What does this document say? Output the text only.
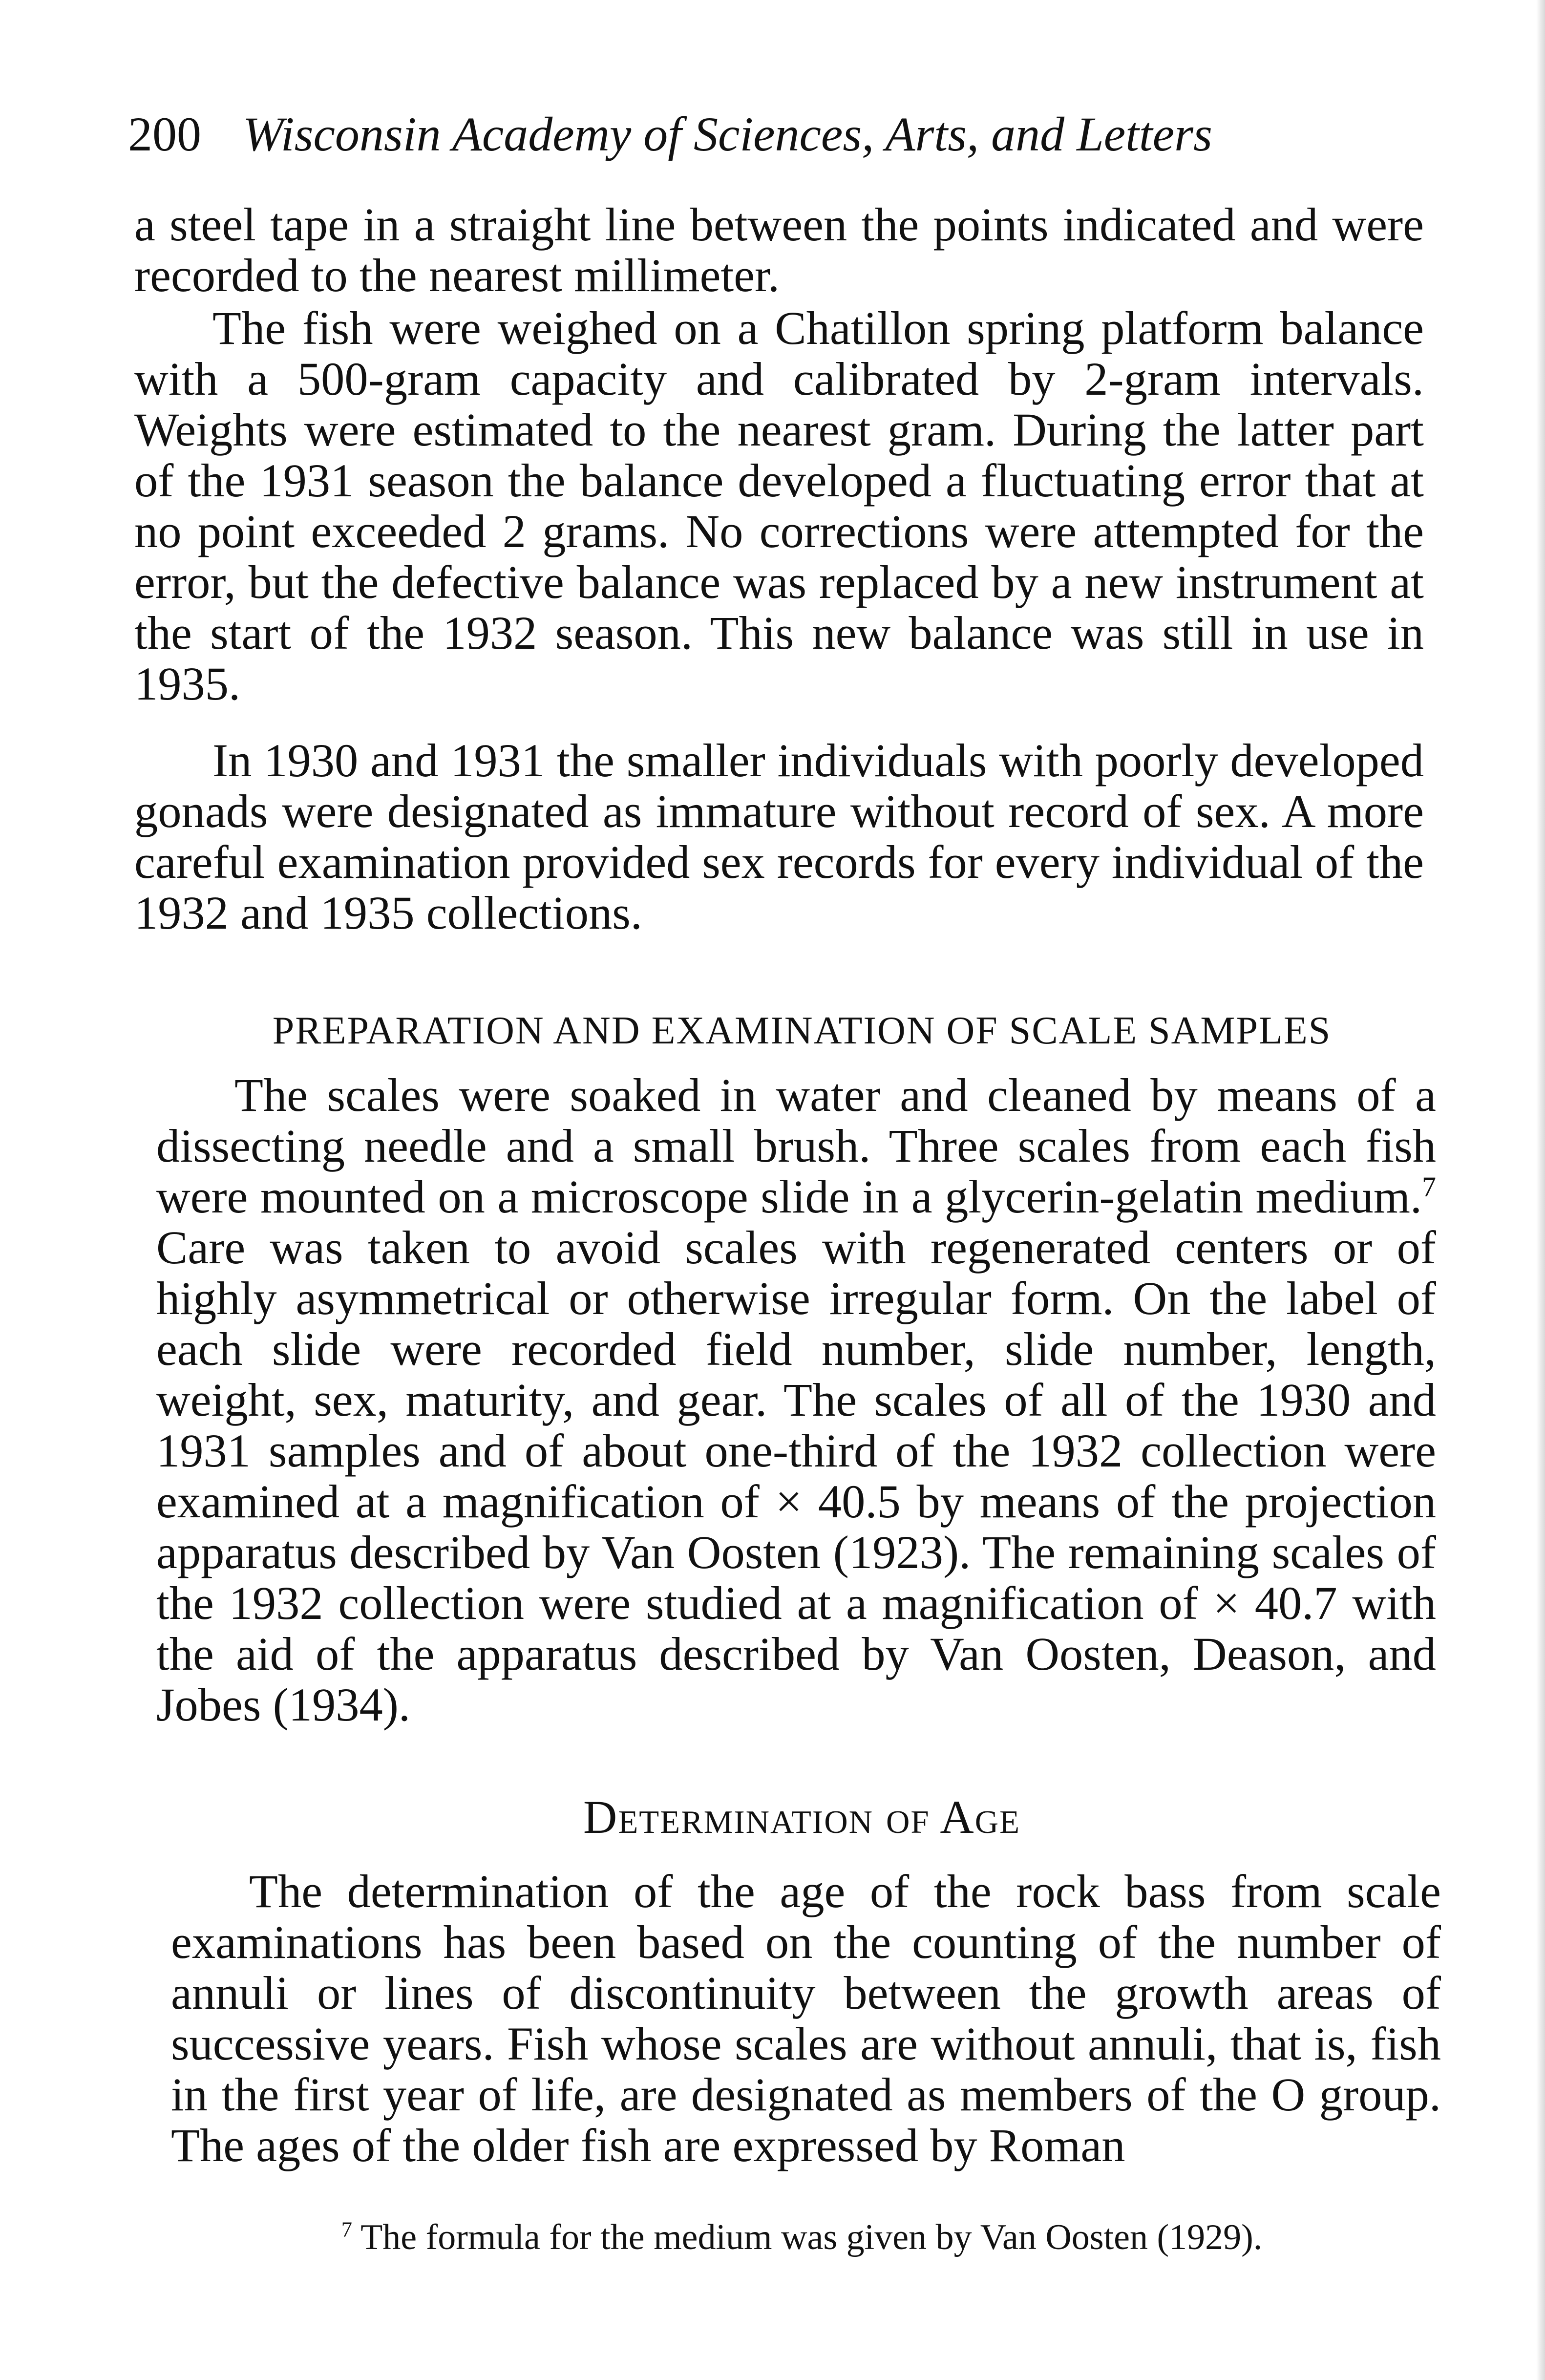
200 Wisconsin Academy of Sciences, Arts, and Letters

a steel tape in a straight line between the points indicated and were recorded to the nearest millimeter.

The fish were weighed on a Chatillon spring platform balance with a 500-gram capacity and calibrated by 2-gram intervals. Weights were estimated to the nearest gram. During the latter part of the 1931 season the balance developed a fluctuating error that at no point exceeded 2 grams. No corrections were attempted for the error, but the defective balance was replaced by a new instrument at the start of the 1932 season. This new balance was still in use in 1935.

In 1930 and 1931 the smaller individuals with poorly developed gonads were designated as immature without record of sex. A more careful examination provided sex records for every individual of the 1932 and 1935 collections.

PREPARATION AND EXAMINATION OF SCALE SAMPLES

The scales were soaked in water and cleaned by means of a dissecting needle and a small brush. Three scales from each fish were mounted on a microscope slide in a glycerin-gelatin medium.$^7$ Care was taken to avoid scales with regenerated centers or of highly asymmetrical or otherwise irregular form. On the label of each slide were recorded field number, slide number, length, weight, sex, maturity, and gear. The scales of all of the 1930 and 1931 samples and of about one-third of the 1932 collection were examined at a magnification of × 40.5 by means of the projection apparatus described by Van Oosten (1923). The remaining scales of the 1932 collection were studied at a magnification of × 40.7 with the aid of the apparatus described by Van Oosten, Deason, and Jobes (1934).

Determination of Age

The determination of the age of the rock bass from scale examinations has been based on the counting of the number of annuli or lines of discontinuity between the growth areas of successive years. Fish whose scales are without annuli, that is, fish in the first year of life, are designated as members of the O group. The ages of the older fish are expressed by Roman

$^7$ The formula for the medium was given by Van Oosten (1929).
